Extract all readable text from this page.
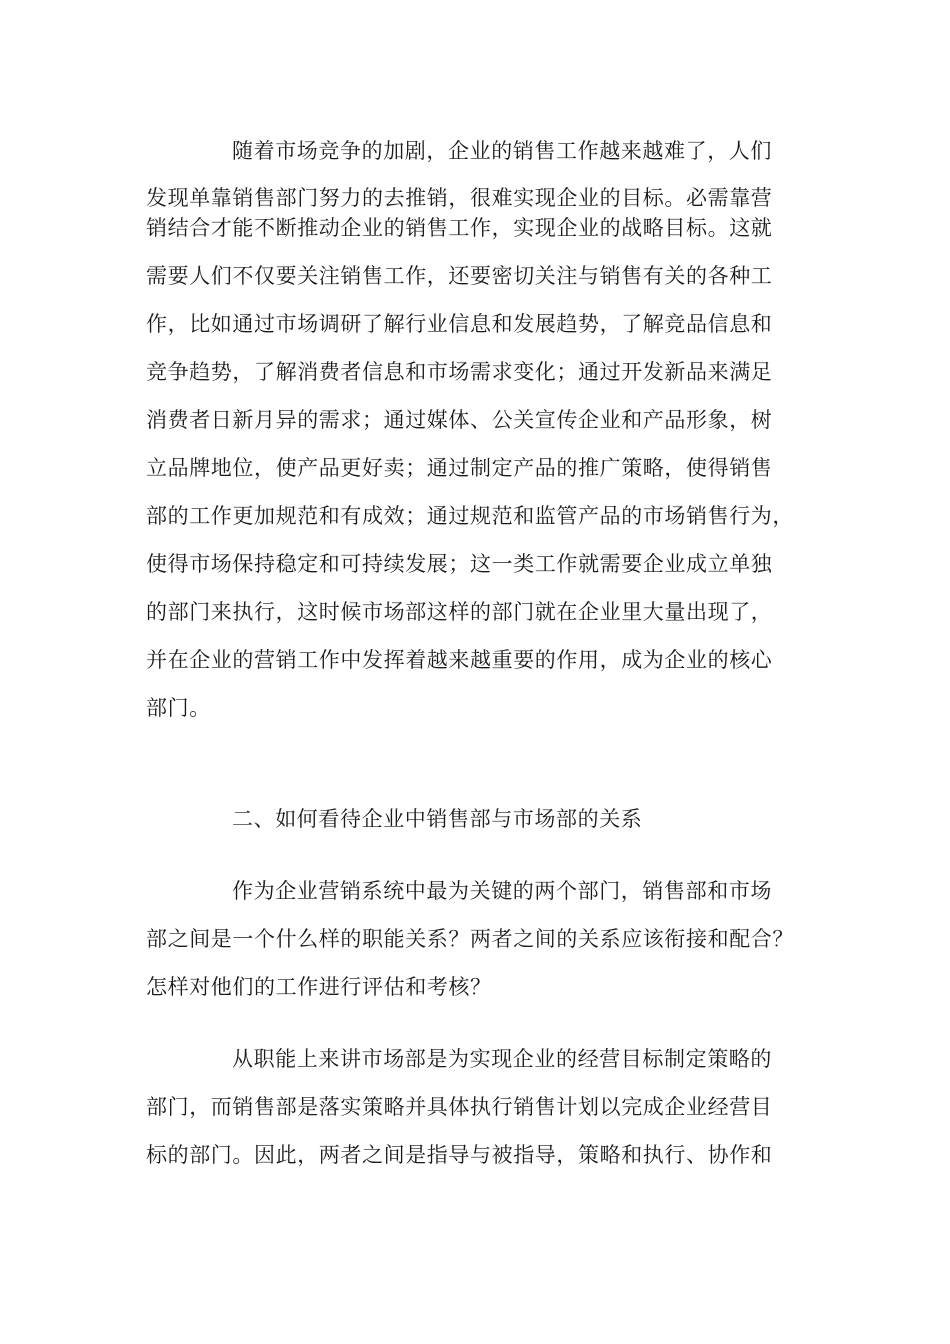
随着市场竞争的加剧，企业的销售工作越来越难了，人们
发现单靠销售部门努力的去推销，很难实现企业的目标。必需靠营
销结合才能不断推动企业的销售工作，实现企业的战略目标。这就
需要人们不仅要关注销售工作，还要密切关注与销售有关的各种工
作，比如通过市场调研了解行业信息和发展趋势，了解竞品信息和
竞争趋势，了解消费者信息和市场需求变化；通过开发新品来满足
消费者日新月异的需求；通过媒体、公关宣传企业和产品形象，树
立品牌地位，使产品更好卖；通过制定产品的推广策略，使得销售
部的工作更加规范和有成效；通过规范和监管产品的市场销售行为，
使得市场保持稳定和可持续发展；这一类工作就需要企业成立单独
的部门来执行，这时候市场部这样的部门就在企业里大量出现了，
并在企业的营销工作中发挥着越来越重要的作用，成为企业的核心
部门。
二、如何看待企业中销售部与市场部的关系
作为企业营销系统中最为关键的两个部门，销售部和市场
部之间是一个什么样的职能关系？两者之间的关系应该衔接和配合？
怎样对他们的工作进行评估和考核？
从职能上来讲市场部是为实现企业的经营目标制定策略的
部门，而销售部是落实策略并具体执行销售计划以完成企业经营目
标的部门。因此，两者之间是指导与被指导，策略和执行、协作和
